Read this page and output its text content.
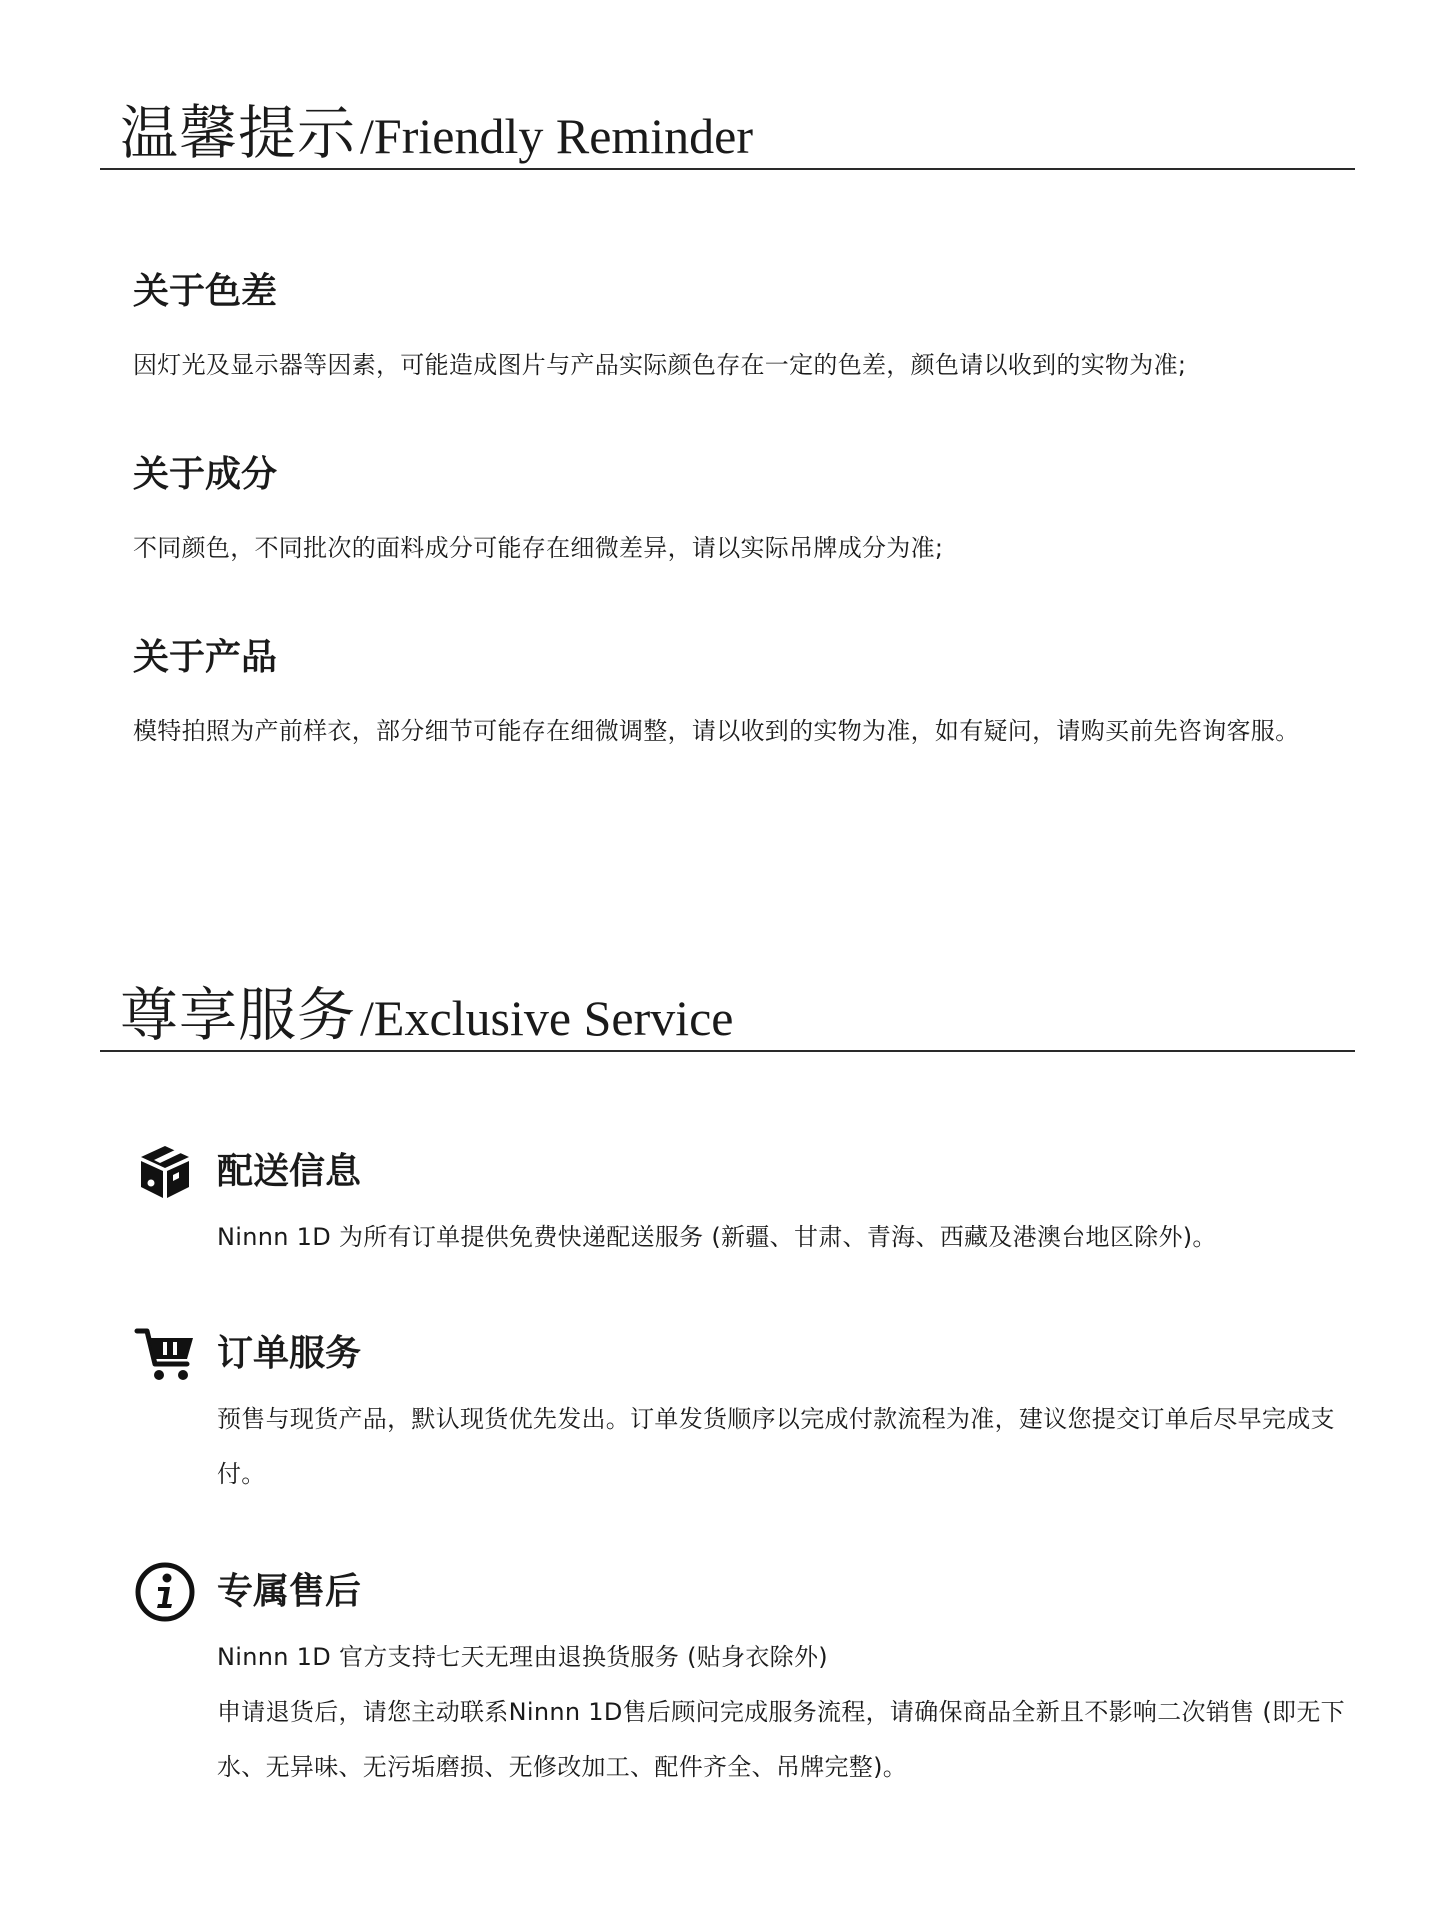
温馨提示/Friendly Reminder
关于色差

因灯光及显示器等因素，可能造成图片与产品实际颜色存在一定的色差，颜色请以收到的实物为准;

关于成分

不同颜色，不同批次的面料成分可能存在细微差异，请以实际吊牌成分为准;

关于产品

模特拍照为产前样衣，部分细节可能存在细微调整，请以收到的实物为准，如有疑问，请购买前先咨询客服。

尊享服务/Exclusive Service
配送信息

Ninnn 1D 为所有订单提供免费快递配送服务 (新疆、甘肃、青海、西藏及港澳台地区除外)。

订单服务

预售与现货产品，默认现货优先发出。订单发货顺序以完成付款流程为准，建议您提交订单后尽早完成支付。

专属售后

Ninnn 1D 官方支持七天无理由退换货服务 (贴身衣除外)

申请退货后，请您主动联系Ninnn 1D售后顾问完成服务流程，请确保商品全新且不影响二次销售 (即无下水、无异味、无污垢磨损、无修改加工、配件齐全、吊牌完整)。
